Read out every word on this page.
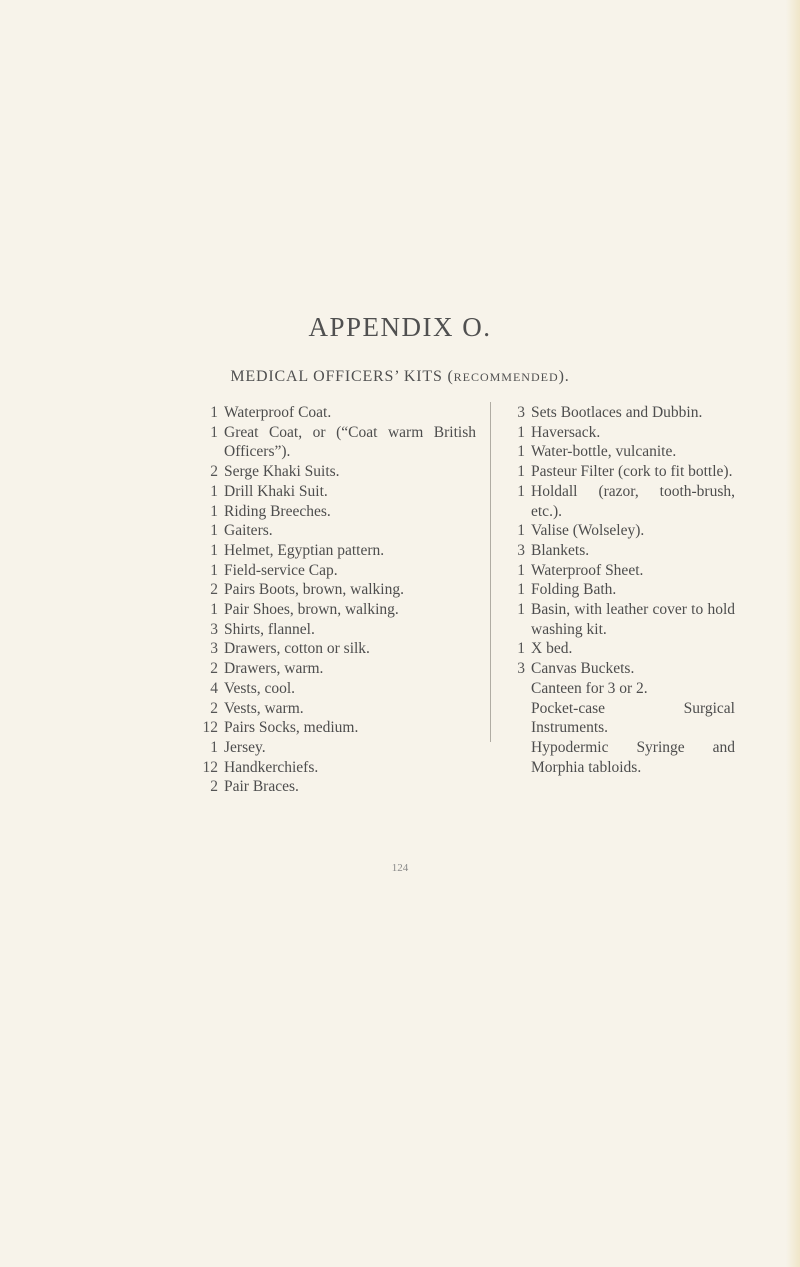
APPENDIX O.
MEDICAL OFFICERS’ KITS (RECOMMENDED).
1 Waterproof Coat.
1 Great Coat, or (“Coat warm British Officers”).
2 Serge Khaki Suits.
1 Drill Khaki Suit.
1 Riding Breeches.
1 Gaiters.
1 Helmet, Egyptian pattern.
1 Field-service Cap.
2 Pairs Boots, brown, walking.
1 Pair Shoes, brown, walking.
3 Shirts, flannel.
3 Drawers, cotton or silk.
2 Drawers, warm.
4 Vests, cool.
2 Vests, warm.
12 Pairs Socks, medium.
1 Jersey.
12 Handkerchiefs.
2 Pair Braces.
3 Sets Bootlaces and Dubbin.
1 Haversack.
1 Water-bottle, vulcanite.
1 Pasteur Filter (cork to fit bottle).
1 Holdall (razor, tooth-brush, etc.).
1 Valise (Wolseley).
3 Blankets.
1 Waterproof Sheet.
1 Folding Bath.
1 Basin, with leather cover to hold washing kit.
1 X bed.
3 Canvas Buckets.
Canteen for 3 or 2.
Pocket-case Surgical Instruments.
Hypodermic Syringe and Morphia tabloids.
124
